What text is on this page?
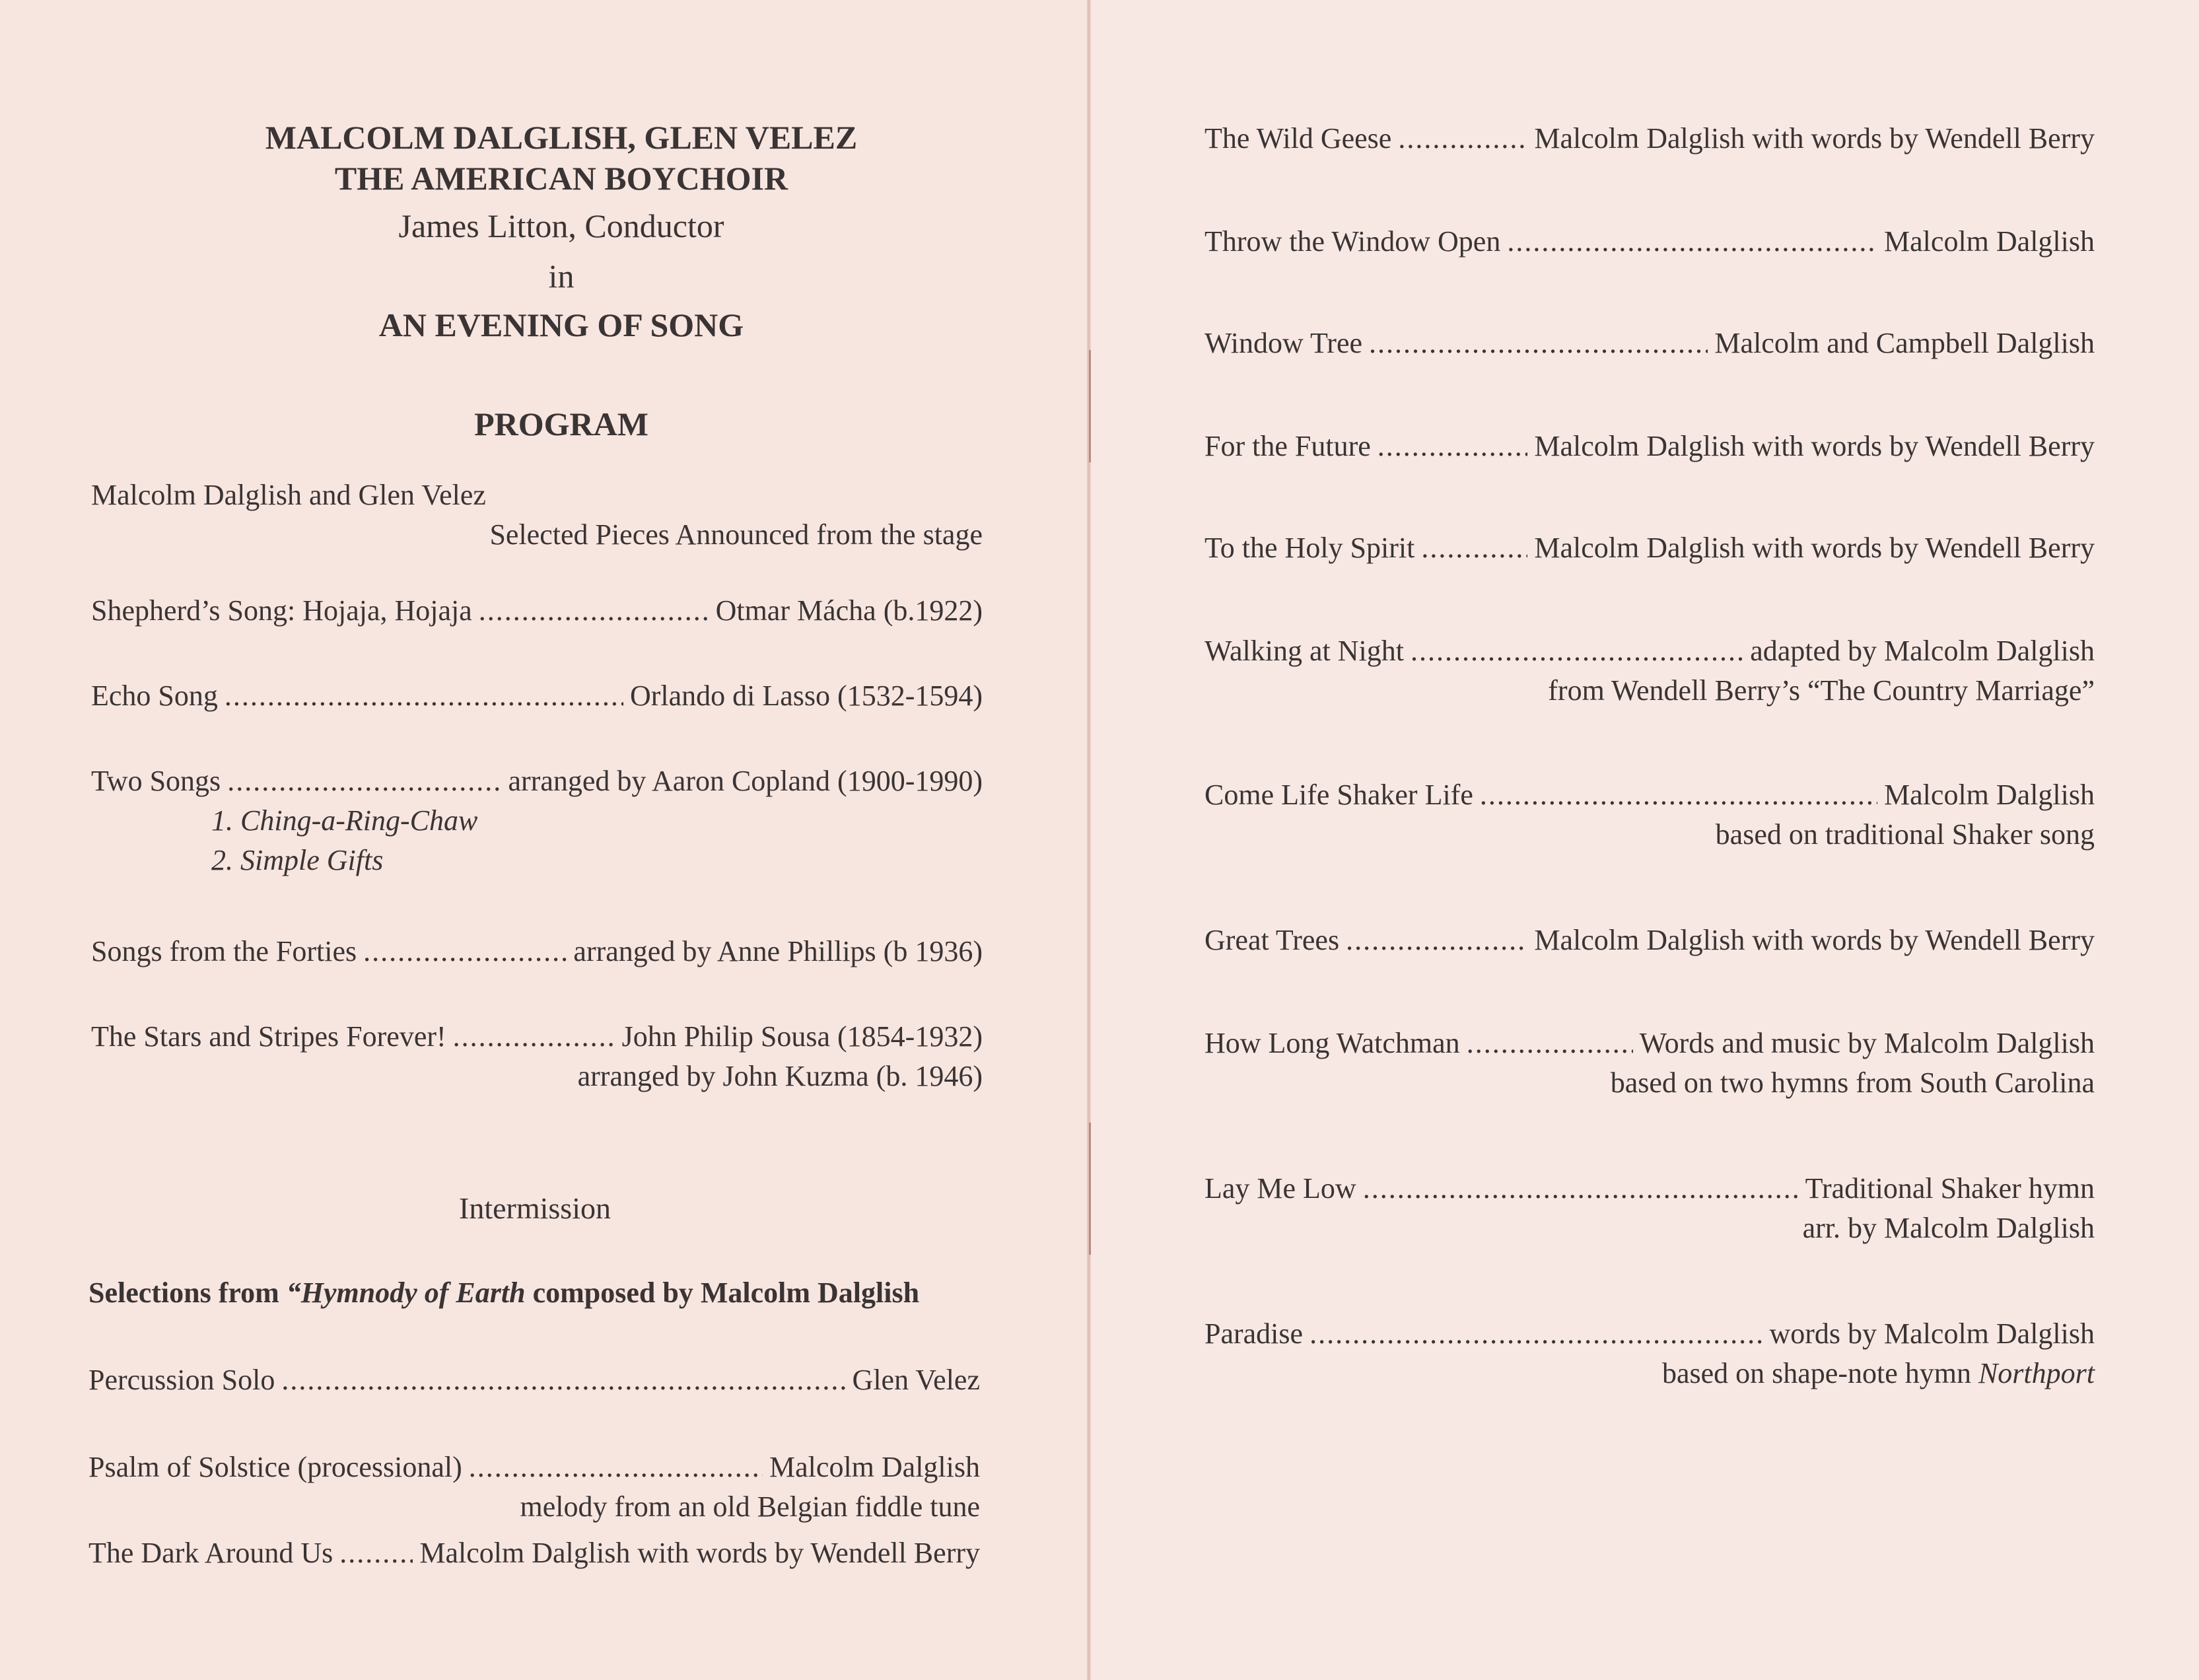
MALCOLM DALGLISH, GLEN VELEZ
THE AMERICAN BOYCHOIR
James Litton, Conductor
in
AN EVENING OF SONG
PROGRAM
Malcolm Dalglish and Glen Velez
Selected Pieces Announced from the stage
Shepherd’s Song: Hojaja, Hojaja .....	Otmar Mácha (b.1922)
Echo Song .....	Orlando di Lasso (1532-1594)
Two Songs .....	arranged by Aaron Copland (1900-1990)
1. Ching-a-Ring-Chaw
2. Simple Gifts
Songs from the Forties .....	arranged by Anne Phillips (b 1936)
The Stars and Stripes Forever! .....	John Philip Sousa (1854-1932)
arranged by John Kuzma (b. 1946)
Intermission
Selections from “Hymnody of Earth composed by Malcolm Dalglish
Percussion Solo .....	Glen Velez
Psalm of Solstice (processional) .....	Malcolm Dalglish
melody from an old Belgian fiddle tune
The Dark Around Us .....	Malcolm Dalglish with words by Wendell Berry
The Wild Geese .....	Malcolm Dalglish with words by Wendell Berry
Throw the Window Open .....	Malcolm Dalglish
Window Tree .....	Malcolm and Campbell Dalglish
For the Future .....	Malcolm Dalglish with words by Wendell Berry
To the Holy Spirit .....	Malcolm Dalglish with words by Wendell Berry
Walking at Night .....	adapted by Malcolm Dalglish
from Wendell Berry’s “The Country Marriage”
Come Life Shaker Life .....	Malcolm Dalglish
based on traditional Shaker song
Great Trees .....	Malcolm Dalglish with words by Wendell Berry
How Long Watchman .....	Words and music by Malcolm Dalglish
based on two hymns from South Carolina
Lay Me Low .....	Traditional Shaker hymn
arr. by Malcolm Dalglish
Paradise .....	words by Malcolm Dalglish
based on shape-note hymn Northport
